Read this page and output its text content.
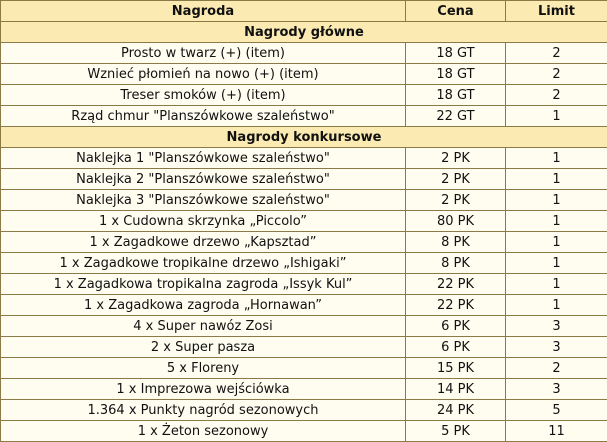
Nagroda	Cena	Limit
Nagrody główne		
Prosto w twarz (+) (item)	18 GT	2
Wznieć płomień na nowo (+) (item)	18 GT	2
Treser smoków (+) (item)	18 GT	2
Rząd chmur "Planszówkowe szaleństwo"	22 GT	1
Nagrody konkursowe		
Naklejka 1 "Planszówkowe szaleństwo"	2 PK	1
Naklejka 2 "Planszówkowe szaleństwo"	2 PK	1
Naklejka 3 "Planszówkowe szaleństwo"	2 PK	1
1 x Cudowna skrzynka „Piccolo”	80 PK	1
1 x Zagadkowe drzewo „Kapsztad”	8 PK	1
1 x Zagadkowe tropikalne drzewo „Ishigaki”	8 PK	1
1 x Zagadkowa tropikalna zagroda „Issyk Kul”	22 PK	1
1 x Zagadkowa zagroda „Hornawan”	22 PK	1
4 x Super nawóz Zosi	6 PK	3
2 x Super pasza	6 PK	3
5 x Floreny	15 PK	2
1 x Imprezowa wejściówka	14 PK	3
1.364 x Punkty nagród sezonowych	24 PK	5
1 x Żeton sezonowy	5 PK	11
